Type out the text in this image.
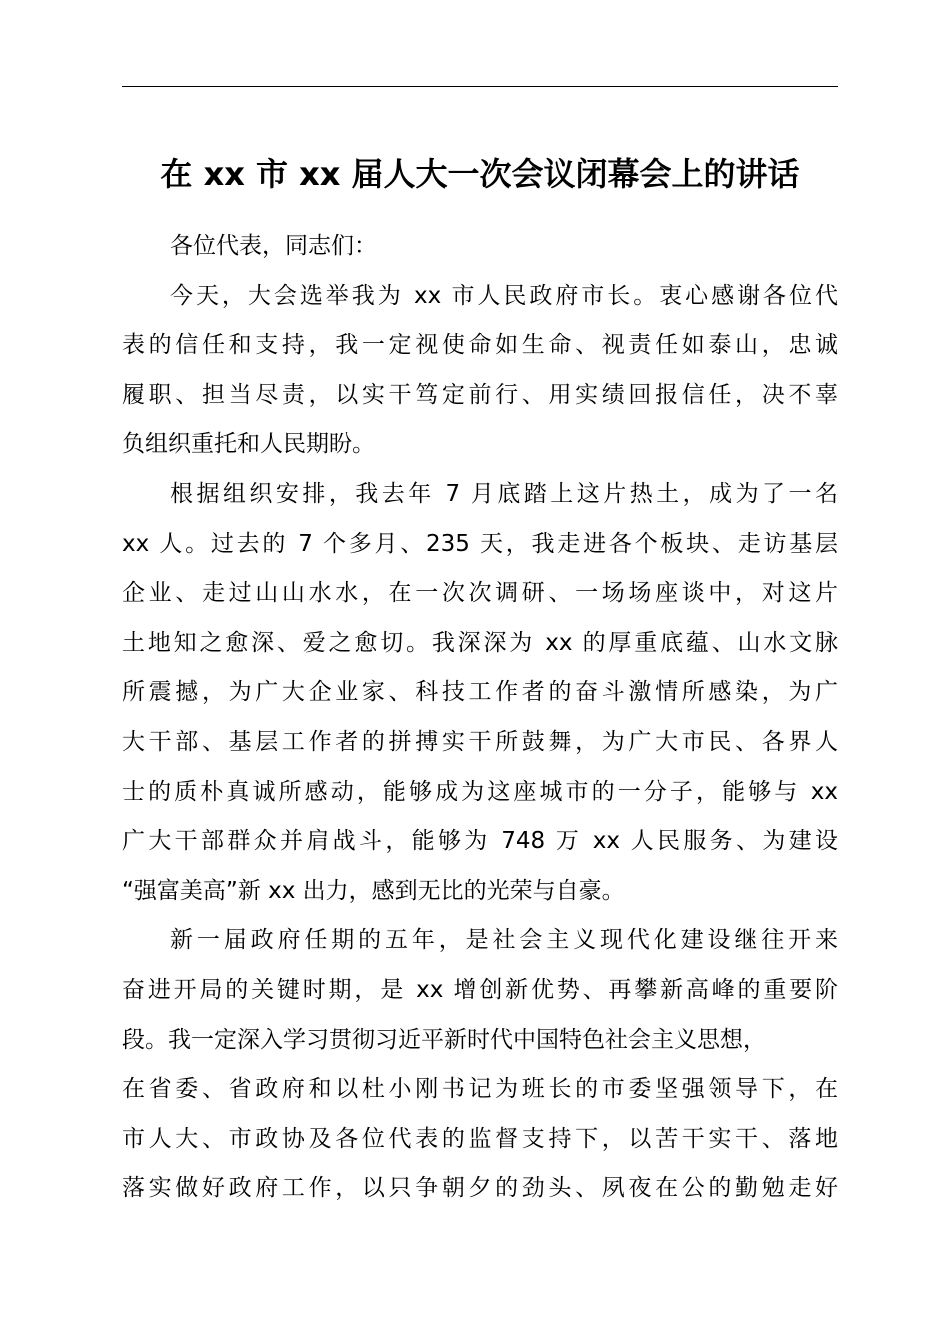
在 xx 市 xx 届人大一次会议闭幕会上的讲话
各位代表，同志们：
今天，大会选举我为 xx 市人民政府市长。衷心感谢各位代
表的信任和支持，我一定视使命如生命、视责任如泰山，忠诚
履职、担当尽责，以实干笃定前行、用实绩回报信任，决不辜
负组织重托和人民期盼。
根据组织安排，我去年 7 月底踏上这片热土，成为了一名
xx 人。过去的 7 个多月、235 天，我走进各个板块、走访基层
企业、走过山山水水，在一次次调研、一场场座谈中，对这片
土地知之愈深、爱之愈切。我深深为 xx 的厚重底蕴、山水文脉
所震撼，为广大企业家、科技工作者的奋斗激情所感染，为广
大干部、基层工作者的拼搏实干所鼓舞，为广大市民、各界人
士的质朴真诚所感动，能够成为这座城市的一分子，能够与 xx
广大干部群众并肩战斗，能够为 748 万 xx 人民服务、为建设
“强富美高”新 xx 出力，感到无比的光荣与自豪。
新一届政府任期的五年，是社会主义现代化建设继往开来
奋进开局的关键时期，是 xx 增创新优势、再攀新高峰的重要阶
段。我一定深入学习贯彻习近平新时代中国特色社会主义思想，
在省委、省政府和以杜小刚书记为班长的市委坚强领导下，在
市人大、市政协及各位代表的监督支持下，以苦干实干、落地
落实做好政府工作，以只争朝夕的劲头、夙夜在公的勤勉走好
